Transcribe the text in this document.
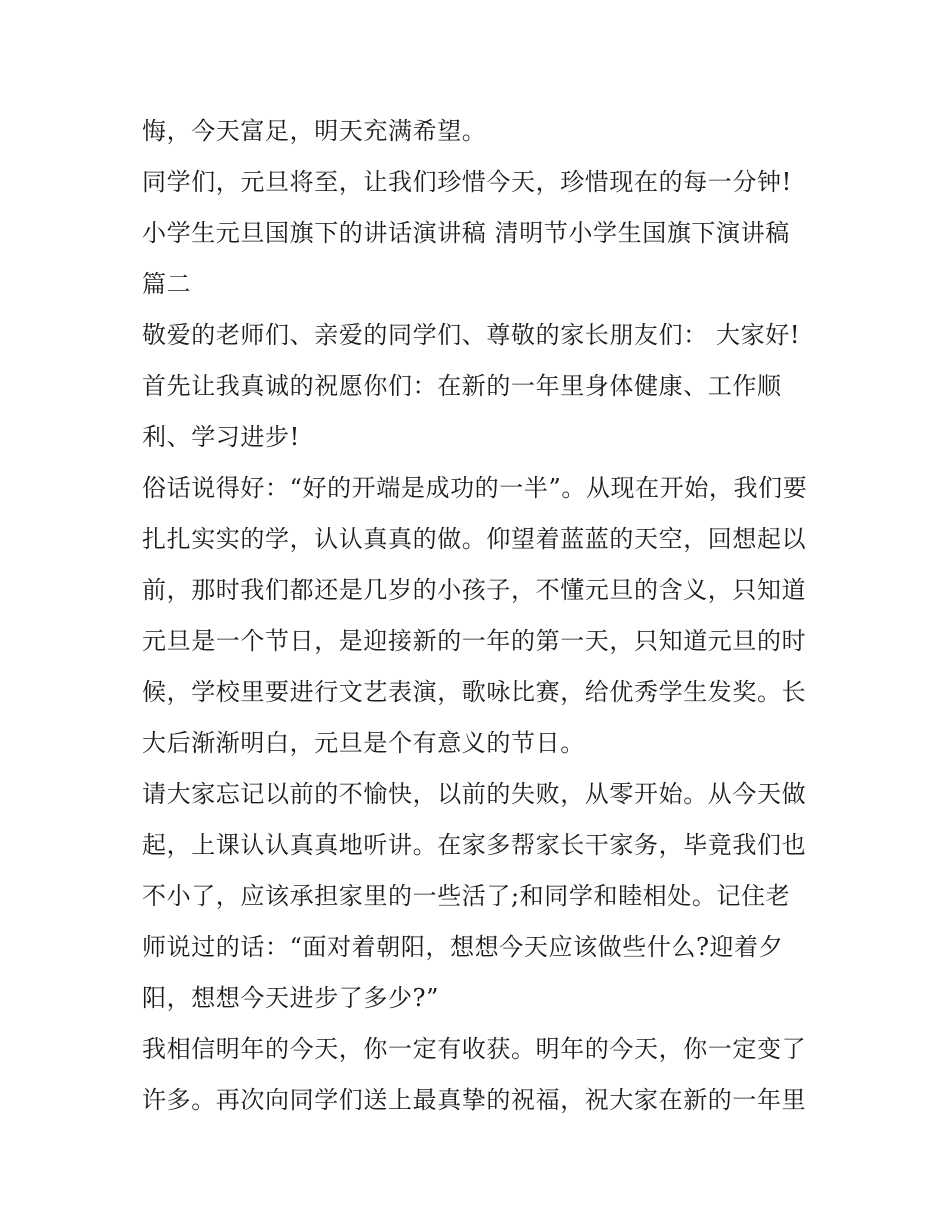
悔，今天富足，明天充满希望。
同学们，元旦将至，让我们珍惜今天，珍惜现在的每一分钟!
小学生元旦国旗下的讲话演讲稿 清明节小学生国旗下演讲稿
篇二
敬爱的老师们、亲爱的同学们、尊敬的家长朋友们： 大家好!
首先让我真诚的祝愿你们：在新的一年里身体健康、工作顺
利、学习进步!
俗话说得好：“好的开端是成功的一半”。从现在开始，我们要
扎扎实实的学，认认真真的做。仰望着蓝蓝的天空，回想起以
前，那时我们都还是几岁的小孩子，不懂元旦的含义，只知道
元旦是一个节日，是迎接新的一年的第一天，只知道元旦的时
候，学校里要进行文艺表演，歌咏比赛，给优秀学生发奖。长
大后渐渐明白，元旦是个有意义的节日。
请大家忘记以前的不愉快，以前的失败，从零开始。从今天做
起，上课认认真真地听讲。在家多帮家长干家务，毕竟我们也
不小了，应该承担家里的一些活了;和同学和睦相处。记住老
师说过的话：“面对着朝阳，想想今天应该做些什么?迎着夕
阳，想想今天进步了多少?”
我相信明年的今天，你一定有收获。明年的今天，你一定变了
许多。再次向同学们送上最真挚的祝福，祝大家在新的一年里
